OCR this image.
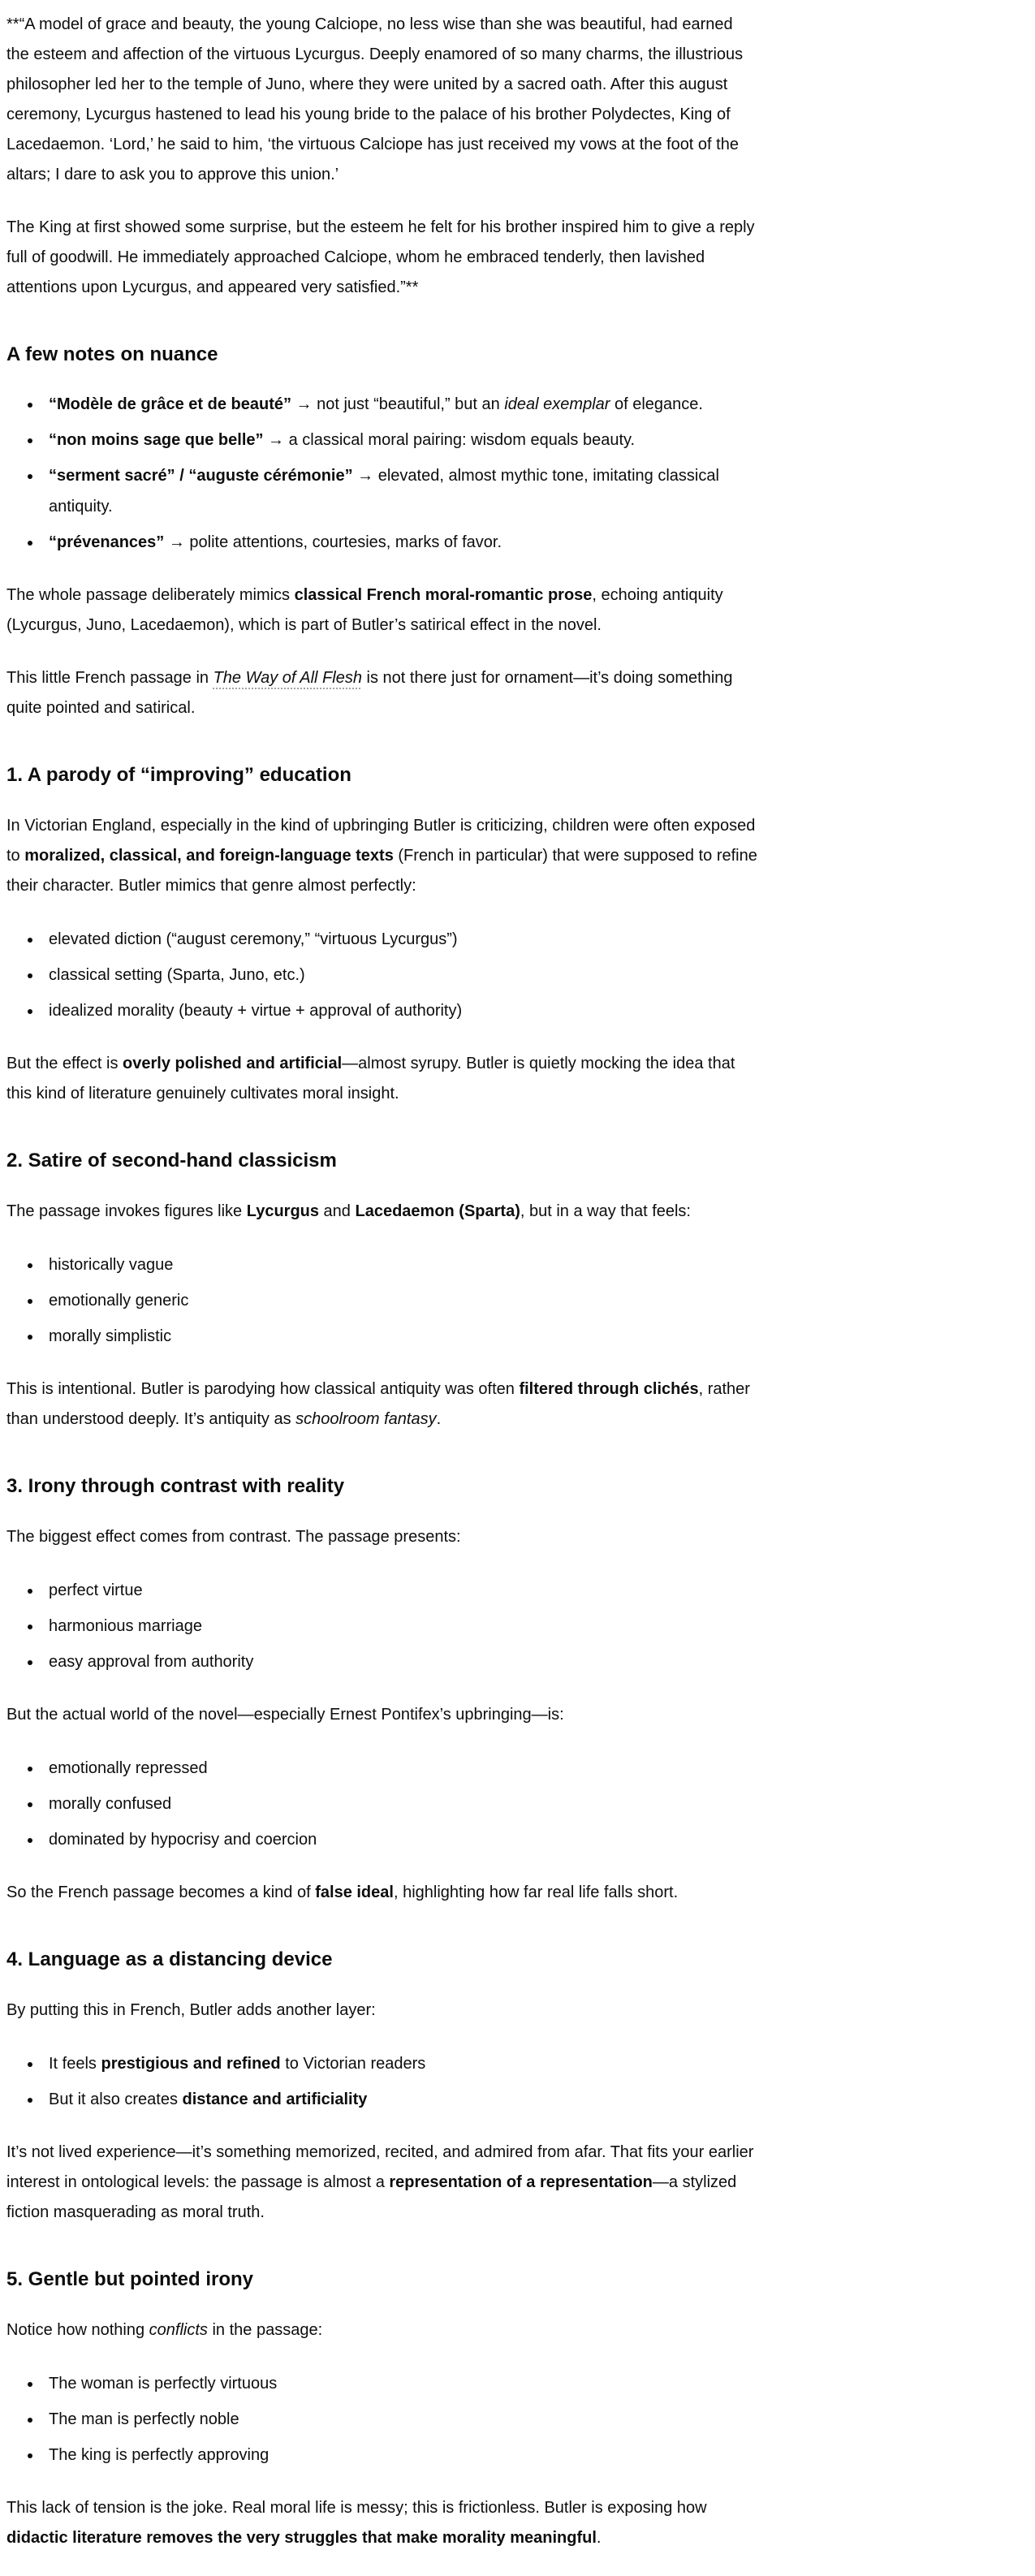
**“A model of grace and beauty, the young Calciope, no less wise than she was beautiful, had earned the esteem and affection of the virtuous Lycurgus. Deeply enamored of so many charms, the illustrious philosopher led her to the temple of Juno, where they were united by a sacred oath. After this august ceremony, Lycurgus hastened to lead his young bride to the palace of his brother Polydectes, King of Lacedaemon. ‘Lord,’ he said to him, ‘the virtuous Calciope has just received my vows at the foot of the altars; I dare to ask you to approve this union.’

The King at first showed some surprise, but the esteem he felt for his brother inspired him to give a reply full of goodwill. He immediately approached Calciope, whom he embraced tenderly, then lavished attentions upon Lycurgus, and appeared very satisfied.”**

A few notes on nuance
• “Modèle de grâce et de beauté” → not just “beautiful,” but an ideal exemplar of elegance.
• “non moins sage que belle” → a classical moral pairing: wisdom equals beauty.
• “serment sacré” / “auguste cérémonie” → elevated, almost mythic tone, imitating classical antiquity.
• “prévenances” → polite attentions, courtesies, marks of favor.

The whole passage deliberately mimics classical French moral-romantic prose, echoing antiquity (Lycurgus, Juno, Lacedaemon), which is part of Butler’s satirical effect in the novel.

This little French passage in The Way of All Flesh is not there just for ornament—it’s doing something quite pointed and satirical.

1. A parody of “improving” education

In Victorian England, especially in the kind of upbringing Butler is criticizing, children were often exposed to moralized, classical, and foreign-language texts (French in particular) that were supposed to refine their character. Butler mimics that genre almost perfectly:

• elevated diction (“august ceremony,” “virtuous Lycurgus”)
• classical setting (Sparta, Juno, etc.)
• idealized morality (beauty + virtue + approval of authority)

But the effect is overly polished and artificial—almost syrupy. Butler is quietly mocking the idea that this kind of literature genuinely cultivates moral insight.

2. Satire of second-hand classicism

The passage invokes figures like Lycurgus and Lacedaemon (Sparta), but in a way that feels:

• historically vague
• emotionally generic
• morally simplistic

This is intentional. Butler is parodying how classical antiquity was often filtered through clichés, rather than understood deeply. It’s antiquity as schoolroom fantasy.

3. Irony through contrast with reality

The biggest effect comes from contrast. The passage presents:

• perfect virtue
• harmonious marriage
• easy approval from authority

But the actual world of the novel—especially Ernest Pontifex’s upbringing—is:

• emotionally repressed
• morally confused
• dominated by hypocrisy and coercion

So the French passage becomes a kind of false ideal, highlighting how far real life falls short.

4. Language as a distancing device

By putting this in French, Butler adds another layer:

• It feels prestigious and refined to Victorian readers
• But it also creates distance and artificiality

It’s not lived experience—it’s something memorized, recited, and admired from afar. That fits your earlier interest in ontological levels: the passage is almost a representation of a representation—a stylized fiction masquerading as moral truth.

5. Gentle but pointed irony

Notice how nothing conflicts in the passage:

• The woman is perfectly virtuous
• The man is perfectly noble
• The king is perfectly approving

This lack of tension is the joke. Real moral life is messy; this is frictionless. Butler is exposing how didactic literature removes the very struggles that make morality meaningful.
